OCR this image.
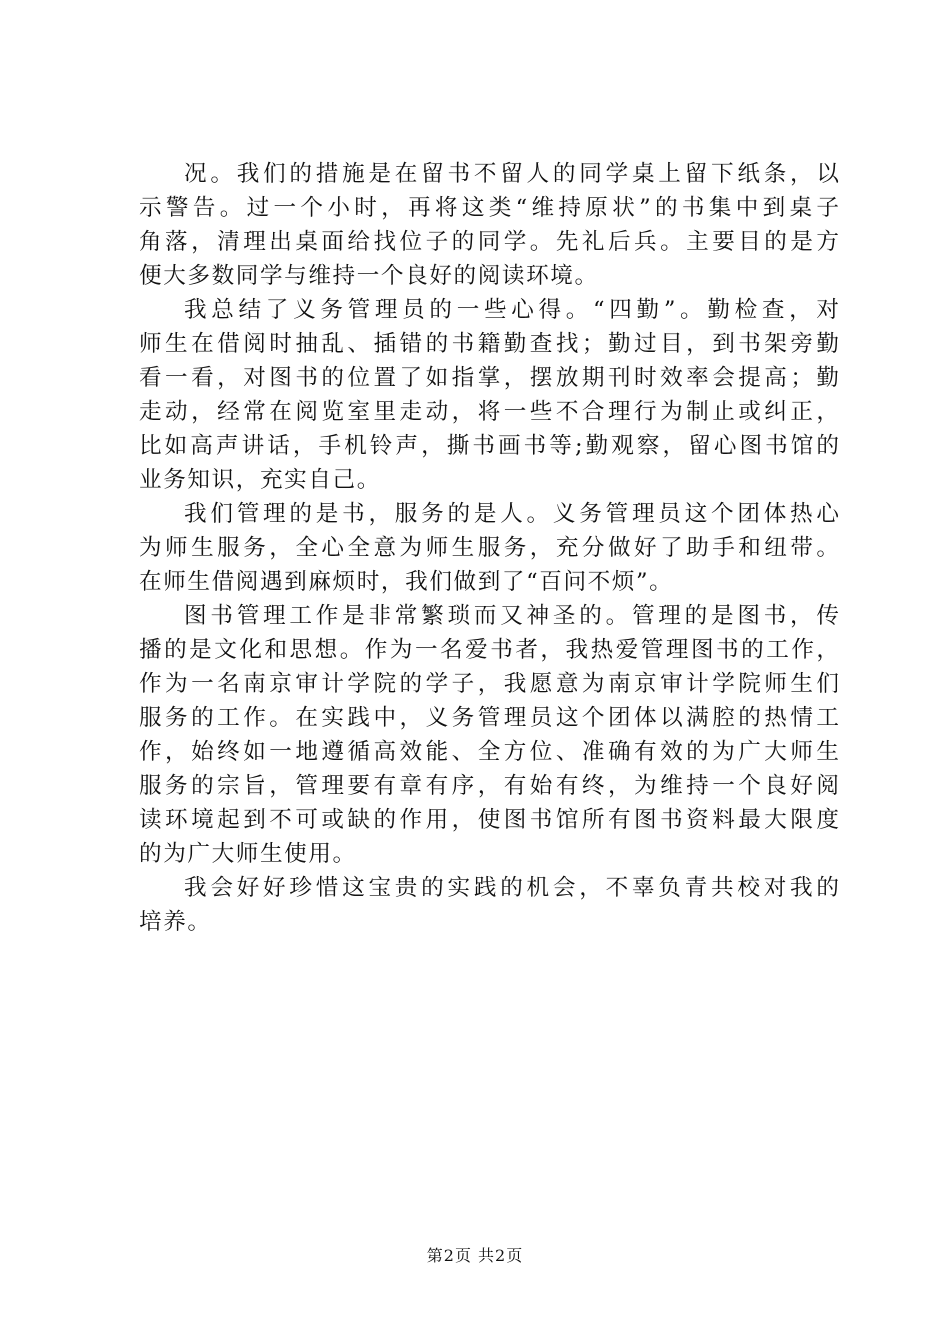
况。我们的措施是在留书不留人的同学桌上留下纸条，以
示警告。过一个小时，再将这类“维持原状”的书集中到桌子
角落，清理出桌面给找位子的同学。先礼后兵。主要目的是方
便大多数同学与维持一个良好的阅读环境。
我总结了义务管理员的一些心得。“四勤”。勤检查，对
师生在借阅时抽乱、插错的书籍勤查找；勤过目，到书架旁勤
看一看，对图书的位置了如指掌，摆放期刊时效率会提高；勤
走动，经常在阅览室里走动，将一些不合理行为制止或纠正，
比如高声讲话，手机铃声，撕书画书等;勤观察，留心图书馆的
业务知识，充实自己。
我们管理的是书，服务的是人。义务管理员这个团体热心
为师生服务，全心全意为师生服务，充分做好了助手和纽带。
在师生借阅遇到麻烦时，我们做到了“百问不烦”。
图书管理工作是非常繁琐而又神圣的。管理的是图书，传
播的是文化和思想。作为一名爱书者，我热爱管理图书的工作，
作为一名南京审计学院的学子，我愿意为南京审计学院师生们
服务的工作。在实践中，义务管理员这个团体以满腔的热情工
作，始终如一地遵循高效能、全方位、准确有效的为广大师生
服务的宗旨，管理要有章有序，有始有终，为维持一个良好阅
读环境起到不可或缺的作用，使图书馆所有图书资料最大限度
的为广大师生使用。
我会好好珍惜这宝贵的实践的机会，不辜负青共校对我的
培养。
第2页 共2页
